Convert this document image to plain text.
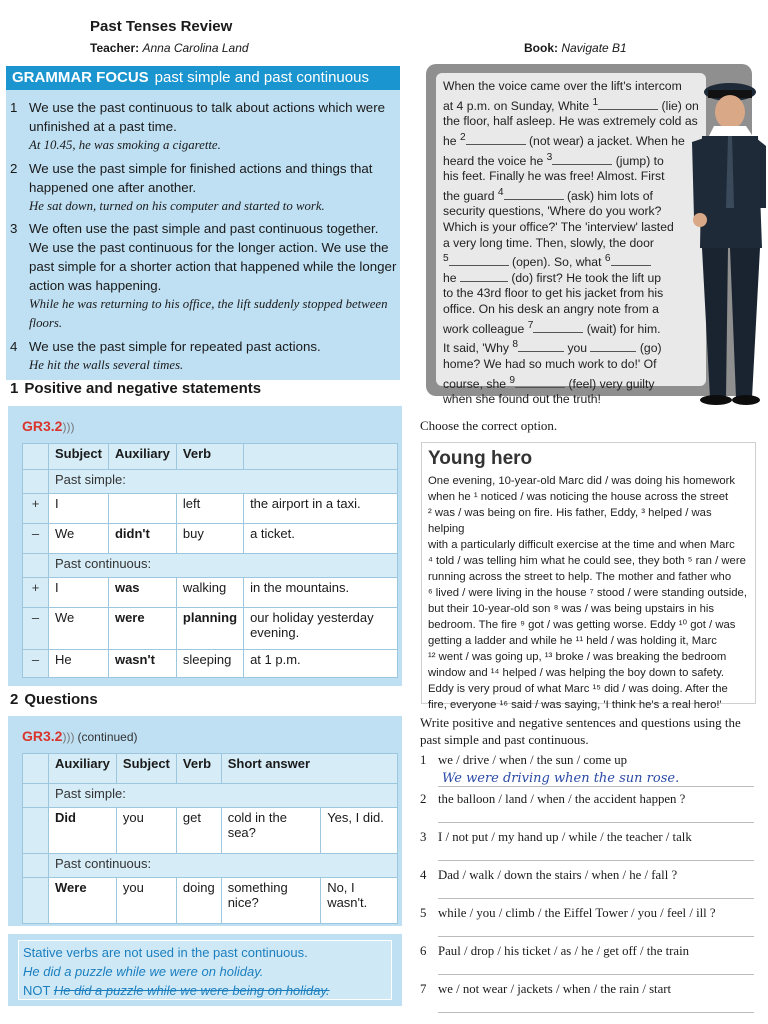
Past Tenses Review
Teacher: Anna Carolina Land	Book: Navigate B1
GRAMMAR FOCUS past simple and past continuous
1 We use the past continuous to talk about actions which were unfinished at a past time.
At 10.45, he was smoking a cigarette.
2 We use the past simple for finished actions and things that happened one after another.
He sat down, turned on his computer and started to work.
3 We often use the past simple and past continuous together. We use the past continuous for the longer action. We use the past simple for a shorter action that happened while the longer action was happening.
While he was returning to his office, the lift suddenly stopped between floors.
4 We use the past simple for repeated past actions.
He hit the walls several times.
1 Positive and negative statements
GR3.2)))
	Subject	Auxiliary	Verb	
	Past simple:			
+	I		left	the airport in a taxi.
–	We	didn't	buy	a ticket.
	Past continuous:			
+	I	was	walking	in the mountains.
–	We	were	planning	our holiday yesterday evening.
–	He	wasn't	sleeping	at 1 p.m.
2 Questions
GR3.2))) (continued)
	Auxiliary	Subject	Verb	Short answer	
	Past simple:				
	Did	you	get	cold in the sea?	Yes, I did.
	Past continuous:				
	Were	you	doing	something nice?	No, I wasn't.
Stative verbs are not used in the past continuous.
He did a puzzle while we were on holiday.
NOT He did a puzzle while we were being on holiday.
When the voice came over the lift's intercom
at 4 p.m. on Sunday, White $^1$	(lie) on
the floor, half asleep. He was extremely cold as
he $^2$	(not wear) a jacket. When he
heard the voice he $^3$	(jump) to
his feet. Finally he was free! Almost. First
the guard $^4$	(ask) him lots of
security questions, 'Where do you work?
Which is your office?' The 'interview' lasted
a very long time. Then, slowly, the door
$^5$	(open). So, what $^6$
he	(do) first? He took the lift up
to the 43rd floor to get his jacket from his
office. On his desk an angry note from a
work colleague $^7$	(wait) for him.
It said, 'Why $^8$	you	(go)
home? We had so much work to do!' Of
course, she $^9$	(feel) very guilty
when she found out the truth!
Choose the correct option.
Young hero

One evening, 10-year-old Marc did / was doing his homework

when he ¹ noticed / was noticing the house across the street

² was / was being on fire. His father, Eddy, ³ helped / was helping

with a particularly difficult exercise at the time and when Marc

⁴ told / was telling him what he could see, they both ⁵ ran / were

running across the street to help. The mother and father who

⁶ lived / were living in the house ⁷ stood / were standing outside,

but their 10-year-old son ⁸ was / was being upstairs in his

bedroom. The fire ⁹ got / was getting worse. Eddy ¹⁰ got / was

getting a ladder and while he ¹¹ held / was holding it, Marc

¹² went / was going up, ¹³ broke / was breaking the bedroom

window and ¹⁴ helped / was helping the boy down to safety.

Eddy is very proud of what Marc ¹⁵ did / was doing. After the

fire, everyone ¹⁶ said / was saying, 'I think he's a real hero!'

Write positive and negative sentences and questions using the past simple and past continuous.
1 we / drive / when / the sun / come up
We were driving when the sun rose.
2 the balloon / land / when / the accident happen ?
3 I / not put / my hand up / while / the teacher / talk
4 Dad / walk / down the stairs / when / he / fall ?
5 while / you / climb / the Eiffel Tower / you / feel / ill ?
6 Paul / drop / his ticket / as / he / get off / the train
7 we / not wear / jackets / when / the rain / start
